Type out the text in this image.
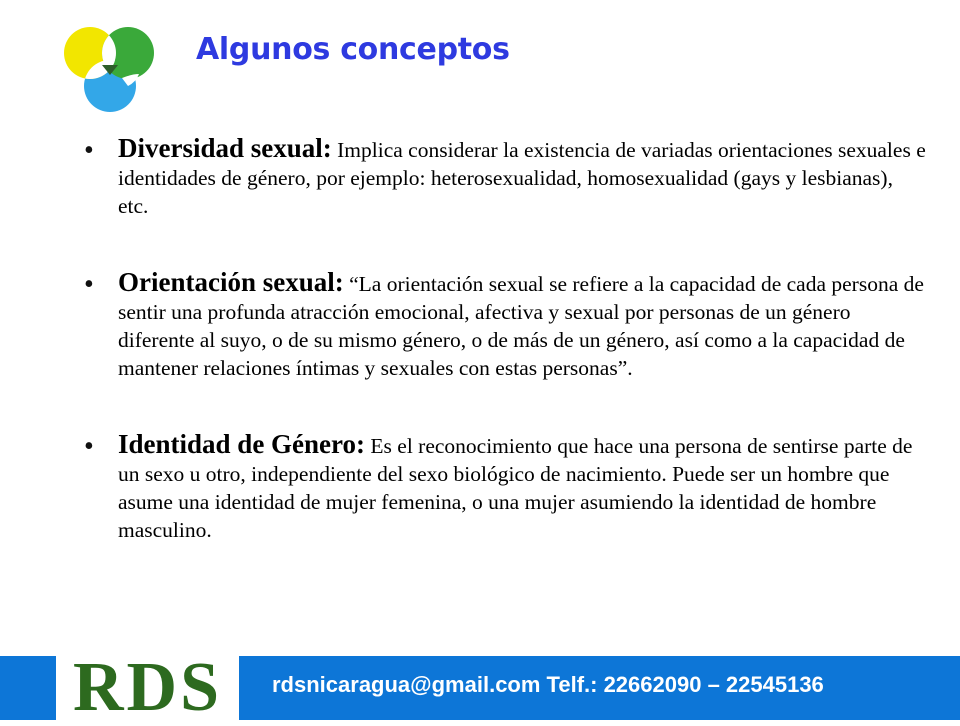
Algunos conceptos
• Diversidad sexual: Implica considerar la existencia de variadas orientaciones sexuales e identidades de género, por ejemplo: heterosexualidad, homosexualidad (gays y lesbianas), etc.

• Orientación sexual: “La orientación sexual se refiere a la capacidad de cada persona de sentir una profunda atracción emocional, afectiva y sexual por personas de un género diferente al suyo, o de su mismo género, o de más de un género, así como a la capacidad de mantener relaciones íntimas y sexuales con estas personas”.

• Identidad de Género: Es el reconocimiento que hace una persona de sentirse parte de un sexo u otro, independiente del sexo biológico de nacimiento. Puede ser un hombre que asume una identidad de mujer femenina, o una mujer asumiendo la identidad de hombre masculino.

RDS	rdsnicaragua@gmail.com Telf.: 22662090 – 22545136
